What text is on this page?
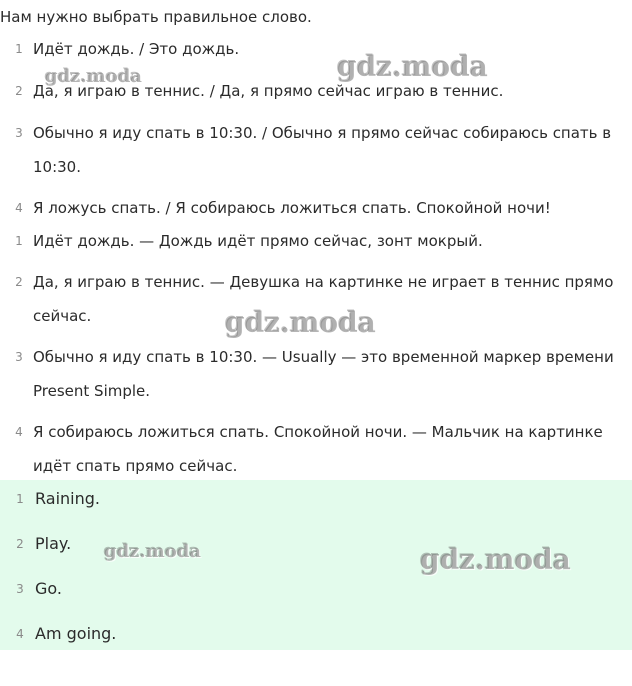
Нам нужно выбрать правильное слово.
1 Идёт дождь. / Это дождь.
2 Да, я играю в теннис. / Да, я прямо сейчас играю в теннис.
3 Обычно я иду спать в 10:30. / Обычно я прямо сейчас собираюсь спать в
10:30.
4 Я ложусь спать. / Я собираюсь ложиться спать. Спокойной ночи!
1 Идёт дождь. — Дождь идёт прямо сейчас, зонт мокрый.
2 Да, я играю в теннис. — Девушка на картинке не играет в теннис прямо
сейчас.
3 Обычно я иду спать в 10:30. — Usually — это временной маркер времени
Present Simple.
4 Я собираюсь ложиться спать. Спокойной ночи. — Мальчик на картинке
идёт спать прямо сейчас.
1 Raining.
2 Play.
3 Go.
4 Am going.
gdz.moda	gdz.moda
gdz.moda
gdz.moda	gdz.moda
